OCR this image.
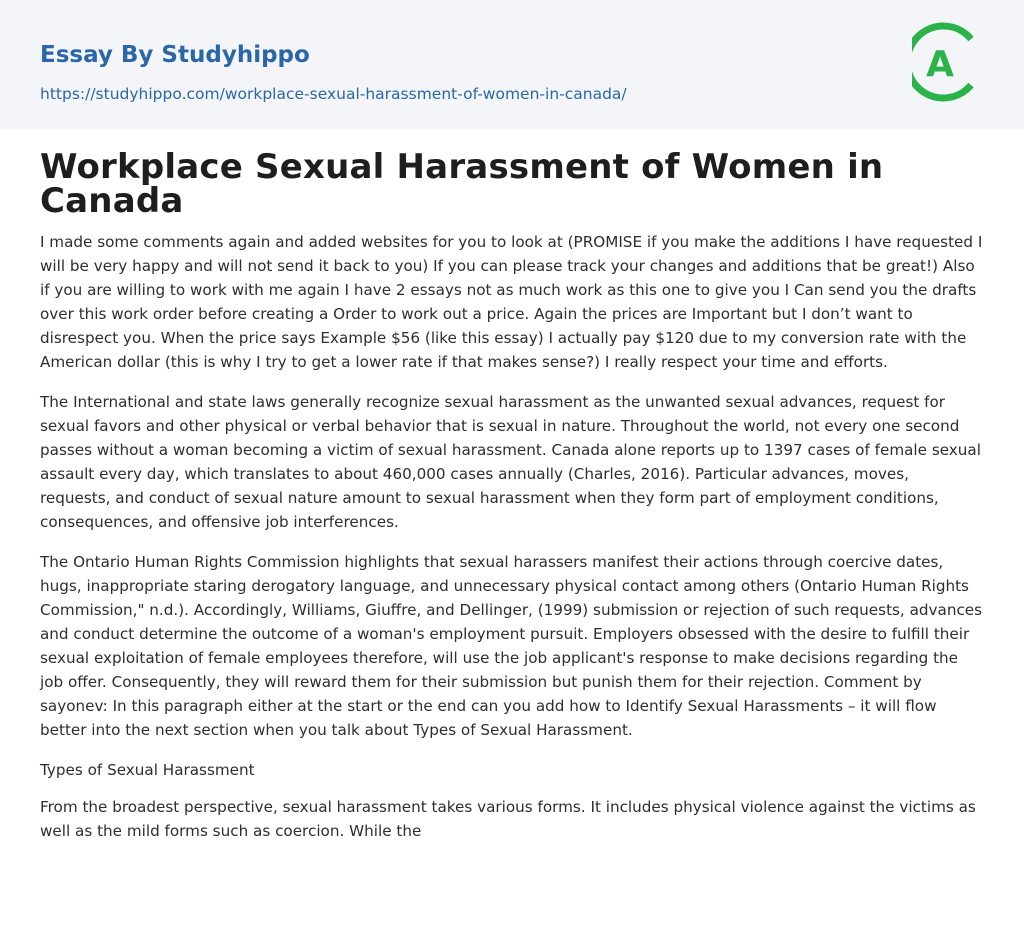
Essay By Studyhippo
https://studyhippo.com/workplace-sexual-harassment-of-women-in-canada/
A
Workplace Sexual Harassment of Women in Canada

I made some comments again and added websites for you to look at (PROMISE if you make the additions I have requested I will be very happy and will not send it back to you) If you can please track your changes and additions that be great!) Also if you are willing to work with me again I have 2 essays not as much work as this one to give you I Can send you the drafts over this work order before creating a Order to work out a price. Again the prices are Important but I don’t want to disrespect you. When the price says Example $56 (like this essay) I actually pay $120 due to my conversion rate with the American dollar (this is why I try to get a lower rate if that makes sense?) I really respect your time and efforts.

The International and state laws generally recognize sexual harassment as the unwanted sexual advances, request for sexual favors and other physical or verbal behavior that is sexual in nature. Throughout the world, not every one second passes without a woman becoming a victim of sexual harassment. Canada alone reports up to 1397 cases of female sexual assault every day, which translates to about 460,000 cases annually (Charles, 2016). Particular advances, moves, requests, and conduct of sexual nature amount to sexual harassment when they form part of employment conditions, consequences, and offensive job interferences.

The Ontario Human Rights Commission highlights that sexual harassers manifest their actions through coercive dates, hugs, inappropriate staring derogatory language, and unnecessary physical contact among others (Ontario Human Rights Commission," n.d.). Accordingly, Williams, Giuffre, and Dellinger, (1999) submission or rejection of such requests, advances and conduct determine the outcome of a woman's employment pursuit. Employers obsessed with the desire to fulfill their sexual exploitation of female employees therefore, will use the job applicant's response to make decisions regarding the job offer. Consequently, they will reward them for their submission but punish them for their rejection. Comment by sayonev: In this paragraph either at the start or the end can you add how to Identify Sexual Harassments – it will flow better into the next section when you talk about Types of Sexual Harassment.

Types of Sexual Harassment

From the broadest perspective, sexual harassment takes various forms. It includes physical violence against the victims as well as the mild forms such as coercion. While the
